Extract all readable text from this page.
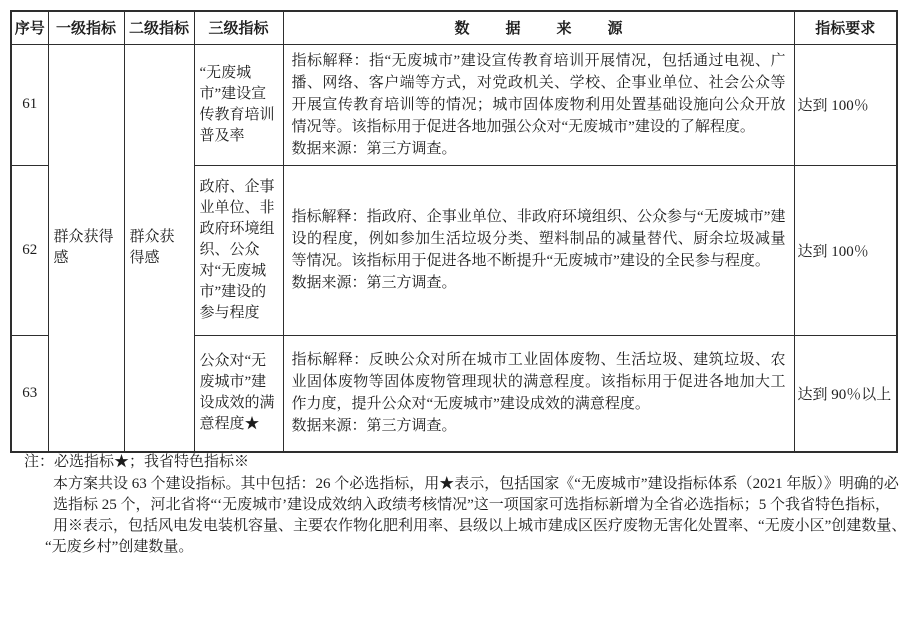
序号	一级指标	二级指标	三级指标	数据来源	指标要求
61	群众获得感	群众获得感	“无废城市”建设宣传教育培训普及率	指标解释：指“无废城市”建设宣传教育培训开展情况，包括通过电视、广播、网络、客户端等方式，对党政机关、学校、企事业单位、社会公众等开展宣传教育培训等的情况；城市固体废物利用处置基础设施向公众开放情况等。该指标用于促进各地加强公众对“无废城市”建设的了解程度。
数据来源：第三方调查。	达到 100％
62			政府、企事业单位、非政府环境组织、公众对“无废城市”建设的参与程度	指标解释：指政府、企事业单位、非政府环境组织、公众参与“无废城市”建设的程度，例如参加生活垃圾分类、塑料制品的减量替代、厨余垃圾减量等情况。该指标用于促进各地不断提升“无废城市”建设的全民参与程度。
数据来源：第三方调查。	达到 100％
63			公众对“无废城市”建设成效的满意程度★	指标解释：反映公众对所在城市工业固体废物、生活垃圾、建筑垃圾、农业固体废物等固体废物管理现状的满意程度。该指标用于促进各地加大工作力度，提升公众对“无废城市”建设成效的满意程度。
数据来源：第三方调查。	达到 90％以上
注：必选指标★；我省特色指标※
本方案共设 63 个建设指标。其中包括：26 个必选指标，用★表示，包括国家《“无废城市”建设指标体系（2021 年版）》明确的必
选指标 25 个，河北省将“‘无废城市’建设成效纳入政绩考核情况”这一项国家可选指标新增为全省必选指标；5 个我省特色指标，
用※表示，包括风电发电装机容量、主要农作物化肥利用率、县级以上城市建成区医疗废物无害化处置率、“无废小区”创建数量、
“无废乡村”创建数量。
